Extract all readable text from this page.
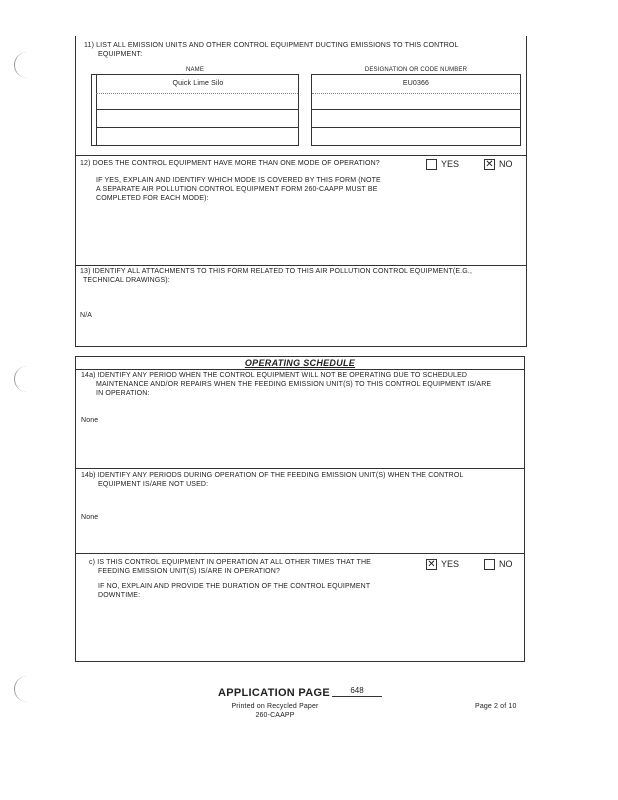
11) LIST ALL EMISSION UNITS AND OTHER CONTROL EQUIPMENT DUCTING EMISSIONS TO THIS CONTROL
EQUIPMENT:
NAME	DESIGNATION OR CODE NUMBER
Quick Lime Silo	EU0366
12) DOES THE CONTROL EQUIPMENT HAVE MORE THAN ONE MODE OF OPERATION?	YES	✕ NO
IF YES, EXPLAIN AND IDENTIFY WHICH MODE IS COVERED BY THIS FORM (NOTE
A SEPARATE AIR POLLUTION CONTROL EQUIPMENT FORM 260-CAAPP MUST BE
COMPLETED FOR EACH MODE):
13) IDENTIFY ALL ATTACHMENTS TO THIS FORM RELATED TO THIS AIR POLLUTION CONTROL EQUIPMENT(E.G.,
TECHNICAL DRAWINGS):
N/A
OPERATING SCHEDULE
14a) IDENTIFY ANY PERIOD WHEN THE CONTROL EQUIPMENT WILL NOT BE OPERATING DUE TO SCHEDULED
MAINTENANCE AND/OR REPAIRS WHEN THE FEEDING EMISSION UNIT(S) TO THIS CONTROL EQUIPMENT IS/ARE
IN OPERATION:
None
14b) IDENTIFY ANY PERIODS DURING OPERATION OF THE FEEDING EMISSION UNIT(S) WHEN THE CONTROL
EQUIPMENT IS/ARE NOT USED:
None
c) IS THIS CONTROL EQUIPMENT IN OPERATION AT ALL OTHER TIMES THAT THE
FEEDING EMISSION UNIT(S) IS/ARE IN OPERATION?
✕ YES	NO
IF NO, EXPLAIN AND PROVIDE THE DURATION OF THE CONTROL EQUIPMENT
DOWNTIME:
APPLICATION PAGE	648
Printed on Recycled Paper
260-CAAPP
Page 2 of 10
